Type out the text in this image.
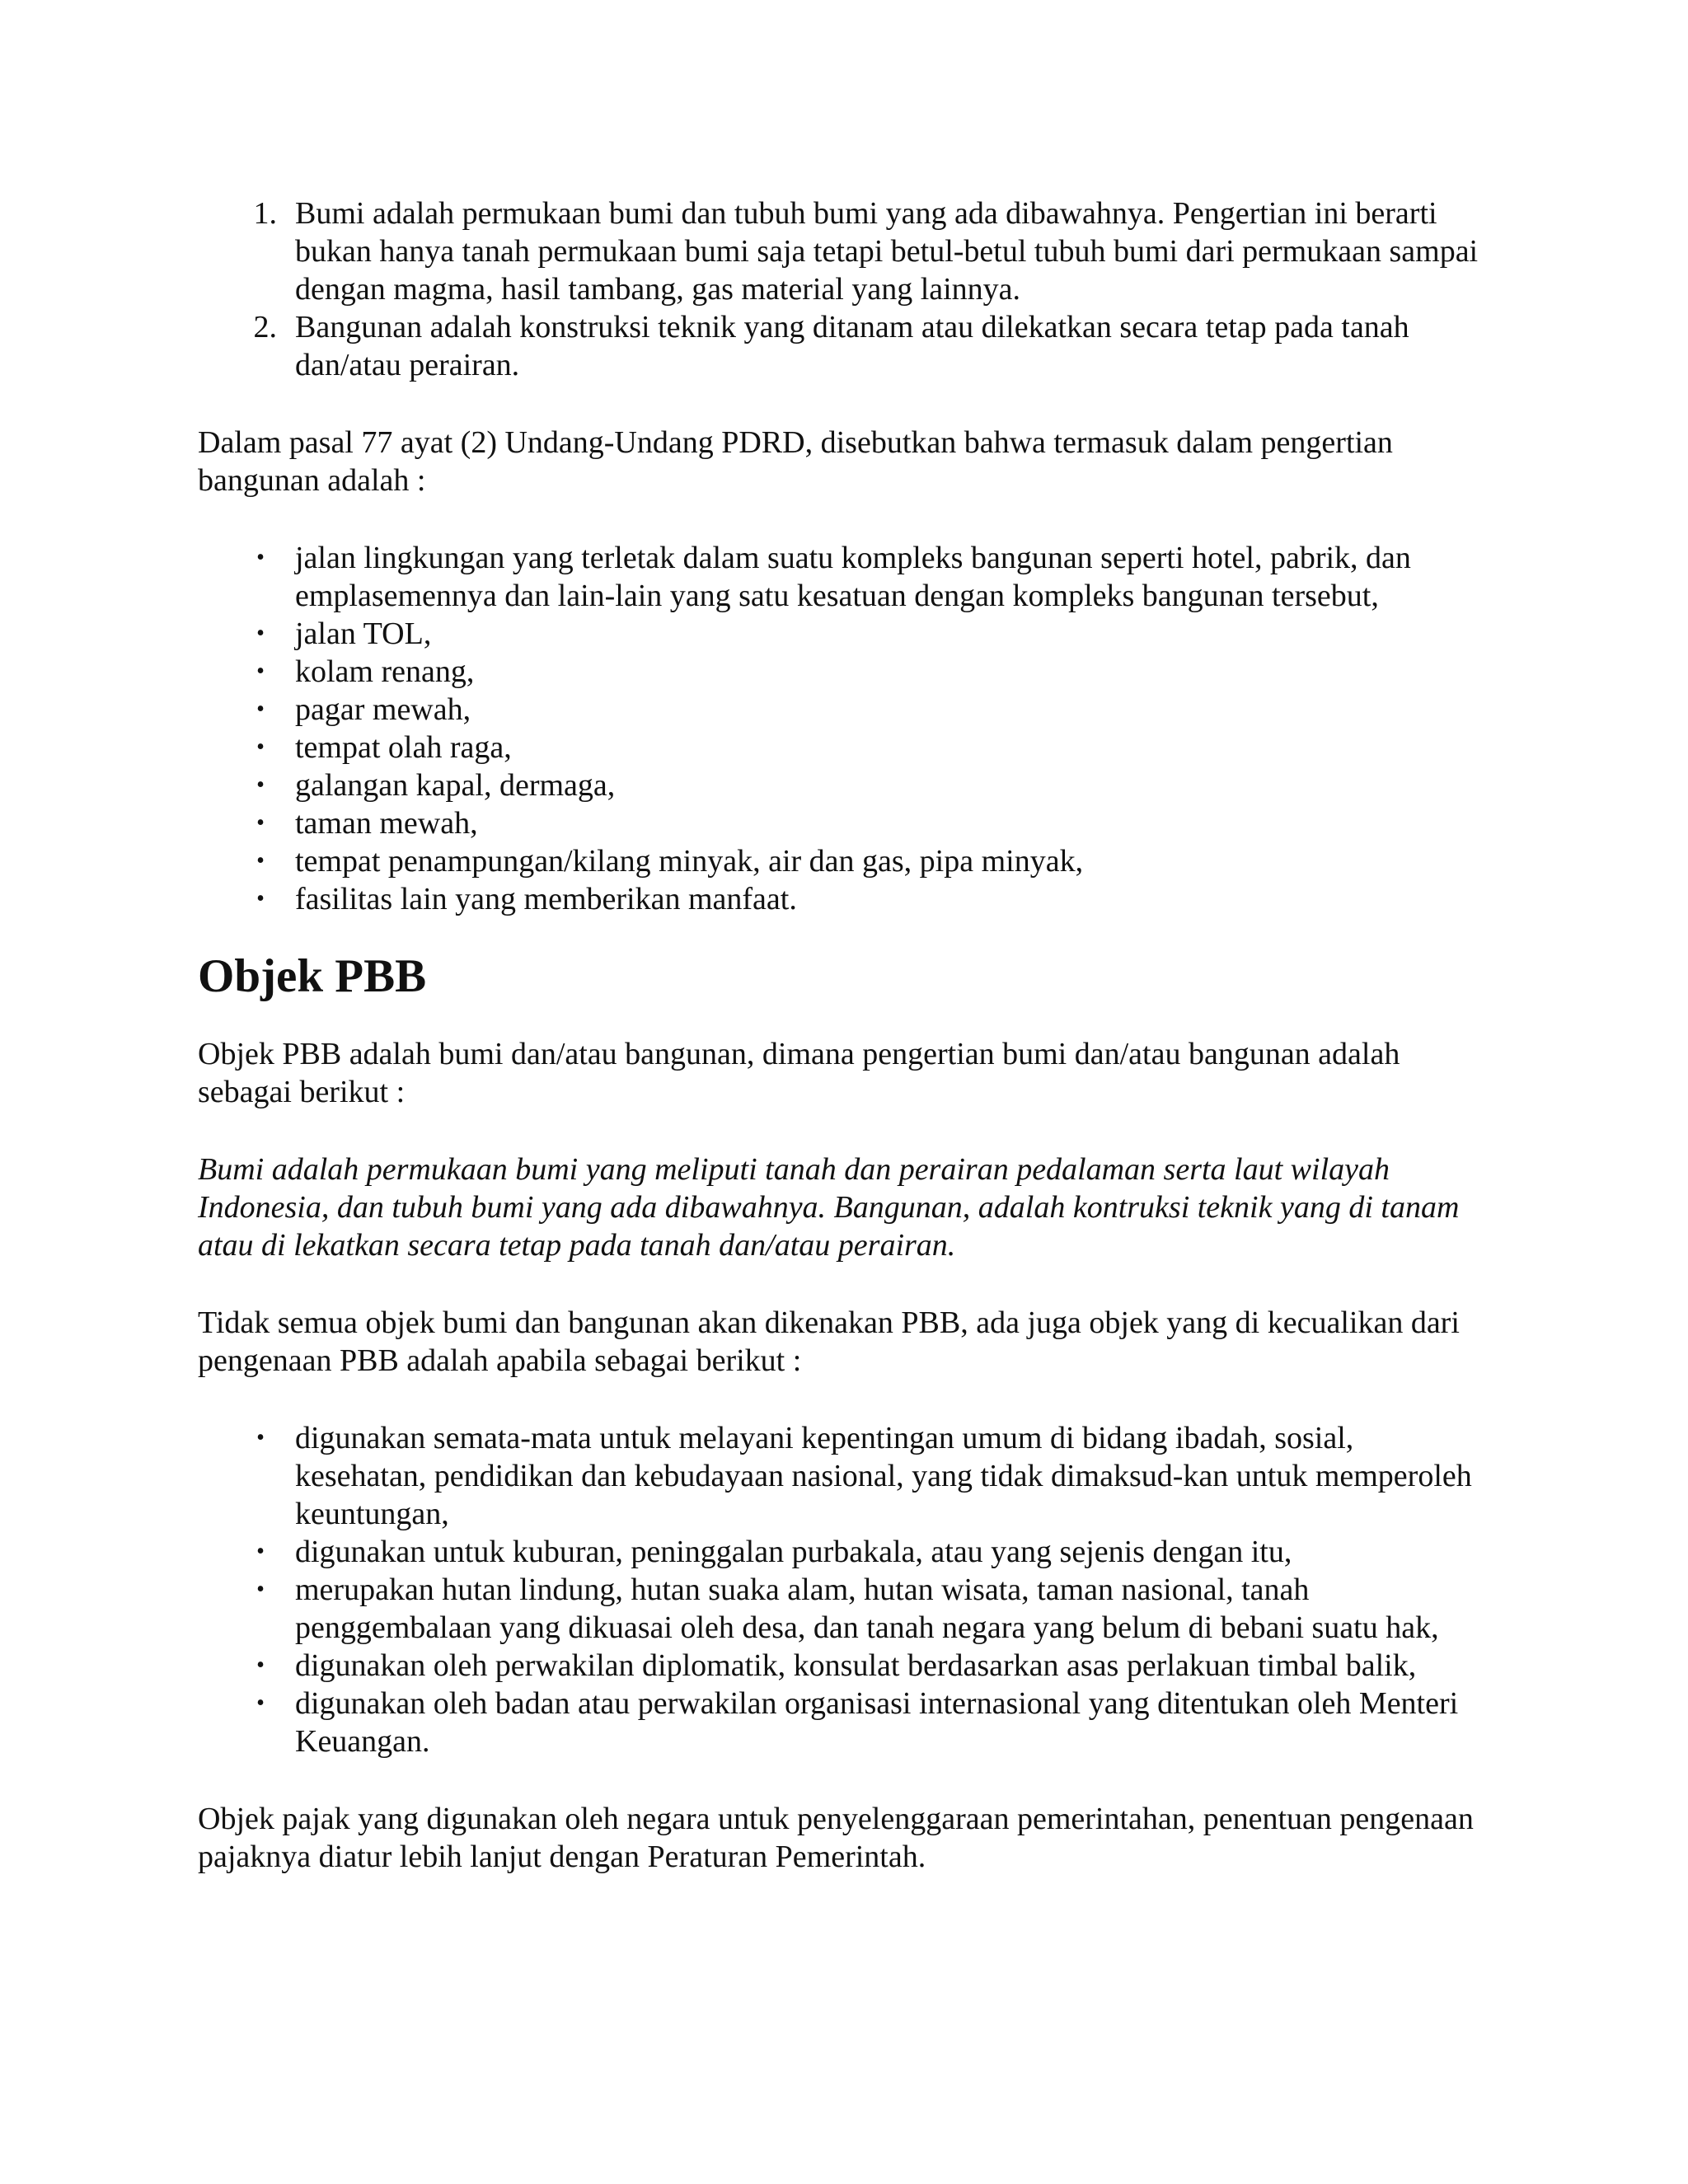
1. Bumi adalah permukaan bumi dan tubuh bumi yang ada dibawahnya. Pengertian ini berarti bukan hanya tanah permukaan bumi saja tetapi betul-betul tubuh bumi dari permukaan sampai dengan magma, hasil tambang, gas material yang lainnya.
2. Bangunan adalah konstruksi teknik yang ditanam atau dilekatkan secara tetap pada tanah dan/atau perairan.

Dalam pasal 77 ayat (2) Undang-Undang PDRD, disebutkan bahwa termasuk dalam pengertian bangunan adalah :

• jalan lingkungan yang terletak dalam suatu kompleks bangunan seperti hotel, pabrik, dan emplasemennya dan lain-lain yang satu kesatuan dengan kompleks bangunan tersebut,
• jalan TOL,
• kolam renang,
• pagar mewah,
• tempat olah raga,
• galangan kapal, dermaga,
• taman mewah,
• tempat penampungan/kilang minyak, air dan gas, pipa minyak,
• fasilitas lain yang memberikan manfaat.
Objek PBB

Objek PBB adalah bumi dan/atau bangunan, dimana pengertian bumi dan/atau bangunan adalah sebagai berikut :

Bumi adalah permukaan bumi yang meliputi tanah dan perairan pedalaman serta laut wilayah Indonesia, dan tubuh bumi yang ada dibawahnya. Bangunan, adalah kontruksi teknik yang di tanam atau di lekatkan secara tetap pada tanah dan/atau perairan.

Tidak semua objek bumi dan bangunan akan dikenakan PBB, ada juga objek yang di kecualikan dari pengenaan PBB adalah apabila sebagai berikut :

• digunakan semata-mata untuk melayani kepentingan umum di bidang ibadah, sosial, kesehatan, pendidikan dan kebudayaan nasional, yang tidak dimaksud-kan untuk memperoleh keuntungan,
• digunakan untuk kuburan, peninggalan purbakala, atau yang sejenis dengan itu,
• merupakan hutan lindung, hutan suaka alam, hutan wisata, taman nasional, tanah penggembalaan yang dikuasai oleh desa, dan tanah negara yang belum di bebani suatu hak,
• digunakan oleh perwakilan diplomatik, konsulat berdasarkan asas perlakuan timbal balik,
• digunakan oleh badan atau perwakilan organisasi internasional yang ditentukan oleh Menteri Keuangan.

Objek pajak yang digunakan oleh negara untuk penyelenggaraan pemerintahan, penentuan pengenaan pajaknya diatur lebih lanjut dengan Peraturan Pemerintah.
